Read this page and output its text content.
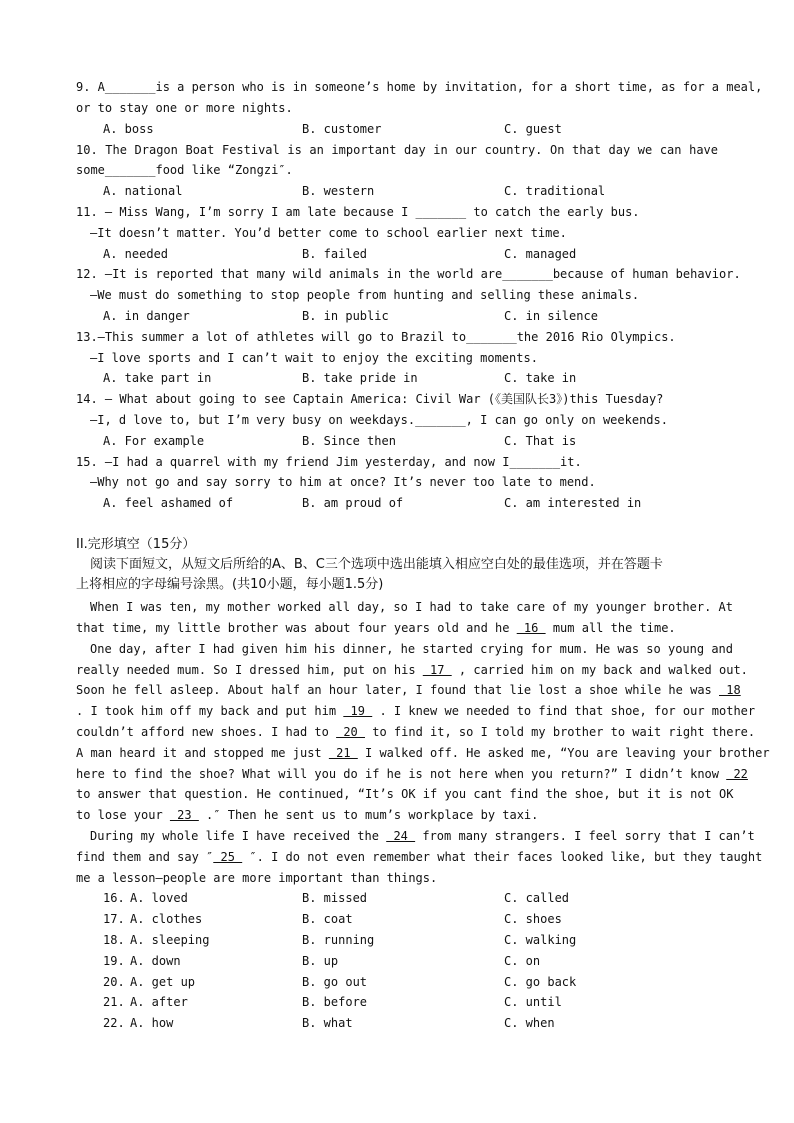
9. A_______is a person who is in someone’s home by invitation, for a short time, as for a meal,
or to stay one or more nights.
A. boss	B. customer	C. guest
10. The Dragon Boat Festival is an important day in our country. On that day we can have
some_______food like “Zongzi″.
A. national	B. western	C. traditional
11. — Miss Wang, I’m sorry I am late because I _______ to catch the early bus.
—It doesn’t matter. You’d better come to school earlier next time.
A. needed	B. failed	C. managed
12. —It is reported that many wild animals in the world are_______because of human behavior.
—We must do something to stop people from hunting and selling these animals.
A. in danger	B. in public	C. in silence
13.—This summer a lot of athletes will go to Brazil to_______the 2016 Rio Olympics.
—I love sports and I can’t wait to enjoy the exciting moments.
A. take part in	B. take pride in	C. take in
14. — What about going to see Captain America: Civil War (《美国队长3》)this Tuesday?
—I, d love to, but I’m very busy on weekdays._______, I can go only on weekends.
A. For example	B. Since then	C. That is
15. —I had a quarrel with my friend Jim yesterday, and now I_______it.
—Why not go and say sorry to him at once? It’s never too late to mend.
A. feel ashamed of	B. am proud of	C. am interested in
II.完形填空（15分）
阅读下面短文，从短文后所给的A、B、C三个选项中选出能填入相应空白处的最佳选项，并在答题卡
上将相应的字母编号涂黑。(共10小题，每小题1.5分)
When I was ten, my mother worked all day, so I had to take care of my younger brother. At
that time, my little brother was about four years old and he  16  mum all the time.
One day, after I had given him his dinner, he started crying for mum. He was so young and
really needed mum. So I dressed him, put on his  17  , carried him on my back and walked out.
Soon he fell asleep. About half an hour later, I found that lie lost a shoe while he was  18
. I took him off my back and put him  19  . I knew we needed to find that shoe, for our mother
couldn’t afford new shoes. I had to  20  to find it, so I told my brother to wait right there.
A man heard it and stopped me just  21  I walked off. He asked me, “You are leaving your brother
here to find the shoe? What will you do if he is not here when you return?” I didn’t know  22
to answer that question. He continued, “It’s OK if you cant find the shoe, but it is not OK
to lose your  23  .″ Then he sent us to mum’s workplace by taxi.
During my whole life I have received the  24  from many strangers. I feel sorry that I can’t
find them and say ″ 25  ″. I do not even remember what their faces looked like, but they taught
me a lesson—people are more important than things.
16. A. loved	B. missed	C. called
17. A. clothes	B. coat	C. shoes
18. A. sleeping	B. running	C. walking
19. A. down	B. up	C. on
20. A. get up	B. go out	C. go back
21. A. after	B. before	C. until
22. A. how	B. what	C. when
